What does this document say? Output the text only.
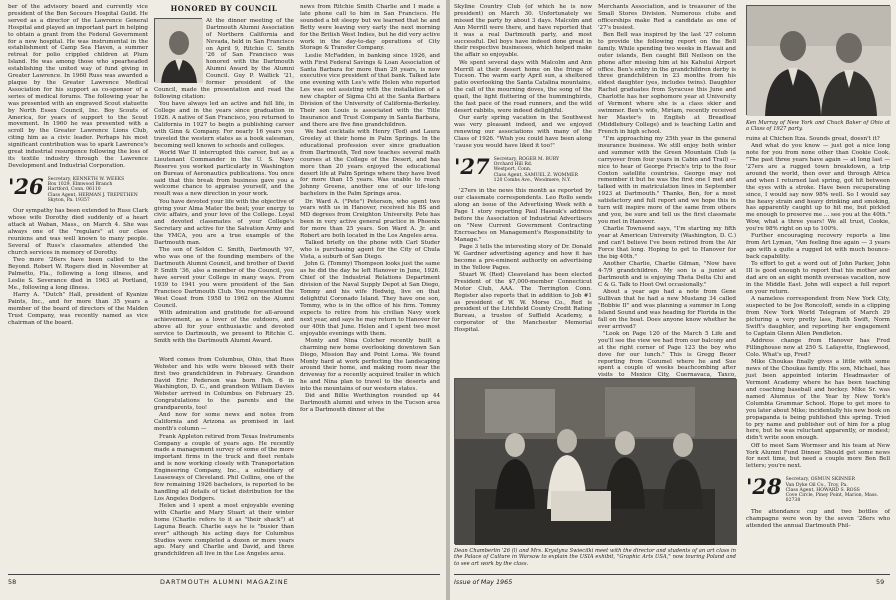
ber of the advisory board and currently vice president of the Ben Secours Hospital Guild. He served as a director of the Lawrence General Hospital and played an important part in helping to obtain a grant from the Federal Government for a new hospital. He was instrumental in the establishment of Camp Sea Haven, a summer retreat for polio crippled children at Plum Island. He was among those who spearheaded establishing the united way of fund giving in Greater Lawrence. In 1960 Russ was awarded a plaque by the Greater Lawrence Medical Association for his support as co-sponsor of a series of medical forums. The following year he was presented with an engraved Scout statuette by North Essex Council, Inc. Boy Scouts of America, for years of support to the Scout movement. In 1960 he was presented with a scroll by the Greater Lawrence Lions Club, citing him as a civic leader. Perhaps his most significant contribution was to spark Lawrence's great industrial resurgence following the loss of its textile industry through the Lawrence Development and Industrial Corporation.

'26 Secretary, KENNETH W. WEEKS
Box 1029, Elmwood Branch
Hartford, Conn. 06110
Class Agent, HERMAN J. TREPETHEN
Skyton, Pa. 19357

Our sympathy has been extended to Russ Clark whose wife Dorothy died suddenly of a heart attack at Waban, Mass., on March 4. She was always one of the "regulars" at our class reunions and was well known to many people. Several of Russ's classmates attended the church services in memory of Dorothy.

Two more '26ers have been called to the Beyond. Robert W. Rogers died in November at Palmetto, Fla., following a long illness, and Leslie S. Severance died in 1963 at Portland, Me., following a long illness.

Harry A. "Dutch" Hall, president of Kyanize Paints, Inc., and for more than 35 years a member of the board of directors of the Malden Trust Company, was recently named as vice chairman of the board.

HONORED BY COUNCIL

At the dinner meeting of the Dartmouth Alumni Association of Northern California and Nevada, held in San Francisco on April 9, Ritchie C. Smith '26 of San Francisco was honored with the Dartmouth Alumni Award by the Alumni Council. Guy P. Wallick '21, former president of the Council, made the presentation and read the following citation:

You have always led an active and full life, in College and in the years since graduation in 1926. A native of San Francisco, you returned to California in 1927 to begin a publishing career with Ginn & Company. For nearly 16 years you traveled the western states as a book salesman, becoming well known to schools and colleges.

World War II interrupted this career, but as a Lieutenant Commander in the U. S. Navy Reserve you worked particularly in Washington on Bureau of Aeronautics publications. You once said that this break from business gave you a welcome chance to appraise yourself, and the result was a new direction in your work.

You have devoted your life with the objective of giving your Alma Mater the best; your energy to civic affairs, and your love of the College. Loyal and devoted classmates of your College's Secretary and active for the Salvation Army and the YMCA, you are a true example of the Dartmouth man.

The son of Seldon C. Smith, Dartmouth '97, who was one of the founding members of the Dartmouth Alumni Council, and brother of David P. Smith '36, also a member of the Council, you have served your College in many ways. From 1939 to 1941 you were president of the San Francisco Dartmouth Club. You represented the West Coast from 1958 to 1962 on the Alumni Council.

With admiration and gratitude for all-around achievement, as a lover of the outdoors, and above all for your enthusiastic and devoted service to Dartmouth, we present to Ritchie C. Smith with the Dartmouth Alumni Award.

Word comes from Columbus, Ohio, that Russ Webster and his wife were blessed with their first two grandchildren in February. Grandson David Eric Pederson was born Feb. 6 in Washington, D. C., and grandson William Davies Webster arrived in Columbus on February 25. Congratulations to the parents and the grandparents, too!

And now for some news and notes from California and Arizona as promised in last month's column —

Frank Appleton retired from Texas Instruments Company a couple of years ago. He recently made a management survey of some of the more important firms in the truck and fleet rentals and is now working closely with Transportation Engineering Company, Inc., a subsidiary of Leaseways of Cleveland. Phil Collins, one of the few remaining 1926 bachelors, is reported to be handling all details of ticket distribution for the Los Angeles Dodgers.

Helen and I spent a most enjoyable evening with Charlie and Mary Stuart at their winter home (Charlie refers to it as "their shack") at Laguna Beach. Charlie says he is "busier than ever" although his acting days for Columbus Studios were completed a dozen or more years ago. Mary and Charlie and David, and three grandchildren all live in the Los Angeles area.

news from Ritchie Smith Charlie and I made a late phone call to him in San Francisco. He sounded a bit sleepy but we learned that he and Betty were leaving very early the next morning for the British West Indies, but he did very active work in the day-to-day operations of City Storage & Transfer Company.

Leslie McFadden, in banking since 1926, and with First Federal Savings & Loan Association of Santa Barbara for more than 29 years, is now executive vice president of that bank. Talked late one evening with Les's wife Helen who reported Les was out assisting with the installation of a new chapter of Sigma Chi at the Santa Barbara Division of the University of California-Berkeley. Their son Louis is associated with the Title Insurance and Trust Company in Santa Barbara, and there are five fine grandchildren.

We had cocktails with Henry (Ted) and Laura Greeley at their home in Palm Springs. In the educational profession ever since graduation from Dartmouth, Ted now teaches several math courses at the College of the Desert, and has more than 20 years enjoyed the educational desert life at Palm Springs where they have lived for more than 15 years. Was unable to reach Johnny Greene, another one of our life-long bachelors in the Palm Springs area.

Dr. Ward A. ("Pete") Peterson, who spent two years with us in Hanover, received his BS and MD degrees from Creighton University. Pete has been in very active general practice in Phoenix for more than 25 years. Son Ward A. Jr. and Robert are both located in the Los Angeles area.

Talked briefly on the phone with Carl Studer who is purchasing agent for the City of Chula Vista, a suburb of San Diego.

John G. (Tommy) Thompson looks just the same as he did the day he left Hanover in June, 1926. Chief of the Industrial Relations Department division of the Naval Supply Depot at San Diego, Tommy and his wife Hedwig, live on that delightful Coronado Island. They have one son, Tommy, who is in the office of his firm. Tommy expects to retire from his civilian Navy work next year, and says he may return to Hanover for our 40th that June. Helen and I spent two most enjoyable evenings with them.

Monty and Nina Colcher recently built a charming new home overlooking downtown San Diego, Mission Bay and Point Loma. We found Monty hard at work perfecting the landscaping around their home, and making room near the driveway for a recently acquired trailer in which he and Nina plan to travel to the deserts and into the mountains of our western states.

Did and Billie Worthington rounded up 44 Dartmouth alumni and wives in the Tucson area for a Dartmouth dinner at the

58	DARTMOUTH ALUMNI MAGAZINE

Skyline Country Club (of which he is now president) on March 30. Unfortunately we missed the party by about 3 days. Malcolm and Ann Merrill were there, and have reported that it was a real Dartmouth party, and most successful. Del boys have indeed done great in their respective businesses, which helped make the affair so enjoyable.

We spent several days with Malcolm and Ann Merrill at their desert home on the fringe of Tucson. The warm early April sun, a sheltered patio overlooking the Santa Catalina mountains, the call of the mourning doves, the song of the quail, the light fluttering of the hummingbirds, the fast pace of the road runners, and the wild desert rabbits, were indeed delightful.

Our early spring vacation in the Southwest was very pleasant indeed, and we enjoyed renewing our associations with many of the Class of 1926. "Wish you could have been along 'cause you would have liked it too!"

'27 Secretary, ROGER M. BURY
Orchard Hill Rd.
Westport, Conn.
Class Agent, SAMUEL Z. WOMMER
120 Combs Ave., Woodmere, N.Y.

'27ers in the news this month as reported by our classmate correspondents. Leo Rollo sends along an issue of the Advertising Week with a Page 1 story reporting Paul Hasnuk's address before the Association of Industrial Advertisers on "New Current Government Contracting Encroaches on Management's Responsibility to Manage."

Page 3 tells the interesting story of Dr. Donald W. Gardner advertising agency and how it has become a pre-eminent authority on advertising in the Yellow Pages.

Stuart W. (Red) Cleaveland has been elected President of the $7,000-member Connecticut Motor Club, AAA. The Torrington Conn. Register also reports that in addition to Job #1 as president of W. W. Morse Co., Red is president of the Litchfield County Credit Rating Bureau, a trustee of Suffield Academy, a corporator of the Manchester Memorial Hospital.

Merchants Association, and is treasurer of the Small Stores Division. Numerous clubs and officerships make Red a candidate as one of '27's busiest.

Ben Bell was inspired by the last '27 column to provide the following report on the Bell family. While spending two weeks in Hawaii and outer islands, Ben caught Bill Neilson on the phone after missing him at his Kahului Airport office. Ben's entry in the grandchildren derby is three grandchildren in 23 months from his eldest daughter (yes, includes twins). Daughter Rachel graduates from Syracuse this June and Charlotte has her sophomore year at University of Vermont where she is a class skier and swimmer. Ben's wife, Miriam, recently received her Master's in English at Breadloaf (Middlebury College) and is teaching Latin and French in high school.

"I'm approaching my 25th year in the general insurance business. We still enjoy both winter and summer with the Green Mountain Club (a carryover from four years in Cabin and Trail) — nice to hear of George Frisch's trip to the four Coxton satellite countries. George may not remember it but he was the first one I met and talked with in matriculation lines in September 1923 at Dartmouth." Thanks, Ben, for a most satisfactory and full report and we hope this in turn will inspire more of the same from others and you, be sure and tell us the first classmate you met in Hanover.

Charlie Townsend says, "I'm starting my fifth year at American University (Washington, D. C.) and can't believe I've been retired from the Air Force that long. Hoping to get to Hanover for the big 40th."

Another Charlie, Charlie Gilman, "Now have 4-7/9 grandchildren. My son is a junior at Dartmouth and is enjoying Theta Delta Chi and C & G. Talk to Hoot Owl occasionally."

About a year ago had a note from Gene Sullivan that he had a new Mustang 34 called "Bobbie II" and was planning a summer in Long Island Sound and was heading for Florida in the fall on the boat. Does anyone know whether he ever arrived?

"Look on Page 120 of the March 5 Life and you'll see the view we had from our balcony and at the right corner of Page 123 the boy who dove for our lunch." This is Gregg Bezer reporting from Cozumel where he and Sue spent a couple of weeks beachcombing after visits to Mexico City, Cuernavaca, Taxco,

Ken Murray of New York and Chuck Baker of Ohio at a Class of 1927 party.

ruins at Chichen Itza. Sounds great, doesn't it?

And what do you know — just got a nice long note for you from none other than Cookie Cook. "The past three years have again — at long last — '27ers are a rugged town breakdown, a trip around the world, then over and through Africa and when I returned last spring, got hit between the eyes with a stroke. Have been recuperating since, I would say now 98% well. So I would say the heavy strain and heavy drinking and smoking, has apparently caught up to hit me, but pickled me enough to preserve me ... see you at the 40th." Wow, what a three years! We all trust, Cookie, you're 98% right on up to 100%.

Further encouraging recovery reports a line from Art Lyman, "Am feeling fine again — 3 years ago with a quite a rugged lot with much bounce-back capability.

To effort to get a word out of John Parker, John III is good enough to report that his mother and dad are on an eight month overseas vacation, now in the Middle East. John will expect a full report on your return.

A nameless correspondent from New York City, suspected to be Joe Roncoloff, sends in a clipping from New York World Telegram of March 29 picturing a very pretty lass, Ruth Swift, Norm Swift's daughter, and reporting her engagement to Captain Glenn Allen Pendleton.

Address change from Hanover has Fred Fillinghouse now at 250 S. Lafayette, Englewood, Colo. What's up, Fred?

Mike Choukas finally gives a little with some news of the Choukas family. His son, Michael, has just been appointed interim Headmaster of Vermont Academy where he has been teaching and coaching baseball and hockey. Mike Sr. was named Alumnus of the Year by New York's Columbia Grammar School. Hope to get more to you later about Mike; incidentally his new book on propaganda is being published this spring. Tried to pry name and publisher out of him for a plug here, but he was reluctant apparently, or modest; didn't write soon enough.

Off to meet Sam Wormser and his team at New York Alumni Fund Dinner. Should get some news for next time, but need a couple more Ben Bell letters; you're next.

'28 Secretary, OSMUN SKINNER
Van Dyke Oil Co., Troy, Pa.
Class Agent, HOWARD S. ROSS
Cove Circle, Piney Point, Marion, Mass. 02738

The attendance cup and two bottles of champagne were won by the seven '28ers who attended the annual Dartmouth Phil-

Dean Chamberlin '26 (l) and Mrs. Krystyna Swiecilki meet with the director and students of an art class in the Palace of Culture in Warsaw to explain the USIA exhibit, "Graphic Arts USA," now touring Poland and to see art work by the class.
Issue of May 1965	59
